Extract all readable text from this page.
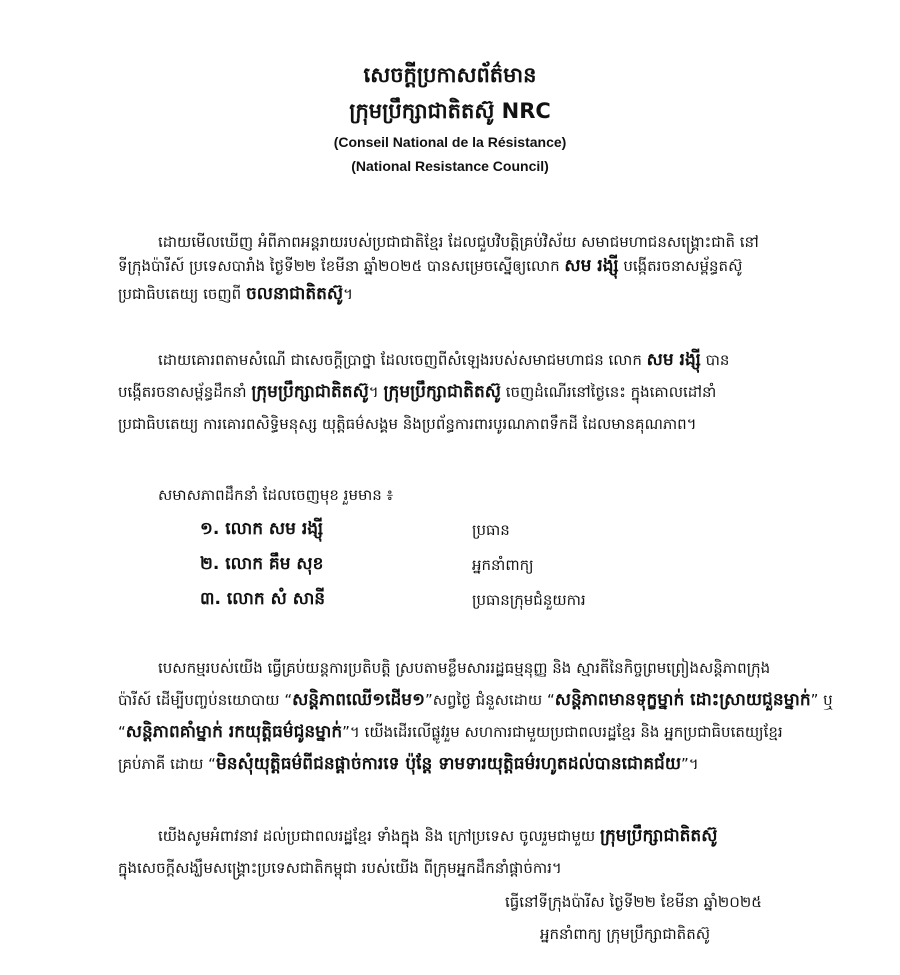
សេចក្តីប្រកាសព័ត៌មាន
ក្រុមប្រឹក្សាជាតិតស៊ូ NRC
(Conseil National de la Résistance)
(National Resistance Council)
ដោយមើលឃើញ អំពីភាពអន្តរាយរបស់ប្រជាជាតិខ្មែរ ដែលជួបវិបត្តិគ្រប់វិស័យ សមាជមហាជនសង្គ្រោះជាតិ នៅ
ទីក្រុងប៉ារីស៍ ប្រទេសបារាំង ថ្ងៃទី២២ ខែមីនា ឆ្នាំ២០២៥ បានសម្រេចស្នើឲ្យលោក សម រង្ស៊ី បង្កើតរចនាសម្ព័ន្ធតស៊ូ
ប្រជាធិបតេយ្យ ចេញពី ចលនាជាតិតស៊ូ។
ដោយគោរពតាមសំណើ ជាសេចក្តីប្រាថ្នា ដែលចេញពីសំឡេងរបស់សមាជមហាជន លោក សម រង្ស៊ី បាន
បង្កើតរចនាសម្ព័ន្ធដឹកនាំ ក្រុមប្រឹក្សាជាតិតស៊ូ។ ក្រុមប្រឹក្សាជាតិតស៊ូ ចេញដំណើរនៅថ្ងៃនេះ ក្នុងគោលដៅនាំ
ប្រជាធិបតេយ្យ ការគោរពសិទ្ធិមនុស្ស យុត្តិធម៌សង្គម និងប្រព័ន្ធការពារបូរណភាពទឹកដី ដែលមានគុណភាព។
សមាសភាពដឹកនាំ ដែលចេញមុខ រួមមាន ៖
១. លោក សម រង្ស៊ី	ប្រធាន
២. លោក គឹម សុខ	អ្នកនាំពាក្យ
៣. លោក សំ សានី	ប្រធានក្រុមជំនួយការ
បេសកម្មរបស់យើង ធ្វើគ្រប់យន្តការប្រតិបត្តិ ស្របតាមខ្លឹមសាររដ្ឋធម្មនុញ្ញ និង ស្មារតីនៃកិច្ចព្រមព្រៀងសន្តិភាពក្រុង
ប៉ារីស៍ ដើម្បីបញ្ចប់នយោបាយ “សន្តិភាពឈើ១ដើម១”សព្វថ្ងៃ ជំនួសដោយ “សន្តិភាពមានទុក្ខម្នាក់ ដោះស្រាយជួនម្នាក់” ឬ
“សន្តិភាពគាំម្នាក់ រកយុត្តិធម៌ជូនម្នាក់”។ យើងដើរលើផ្លូវរួម សហការជាមួយប្រជាពលរដ្ឋខ្មែរ និង អ្នកប្រជាធិបតេយ្យខ្មែរ
គ្រប់ភាគី ដោយ “មិនសុំយុត្តិធម៌ពីជនផ្តាច់ការទេ ប៉ុន្តែ ទាមទារយុត្តិធម៌រហូតដល់បានជោគជ័យ”។
យើងសូមអំពាវនាវ ដល់ប្រជាពលរដ្ឋខ្មែរ ទាំងក្នុង និង ក្រៅប្រទេស ចូលរួមជាមួយ ក្រុមប្រឹក្សាជាតិតស៊ូ
ក្នុងសេចក្តីសង្ឃឹមសង្គ្រោះប្រទេសជាតិកម្ពុជា របស់យើង ពីក្រុមអ្នកដឹកនាំផ្តាច់ការ។
ធ្វើនៅទីក្រុងប៉ារីស ថ្ងៃទី២២ ខែមីនា ឆ្នាំ២០២៥
អ្នកនាំពាក្យ ក្រុមប្រឹក្សាជាតិតស៊ូ
